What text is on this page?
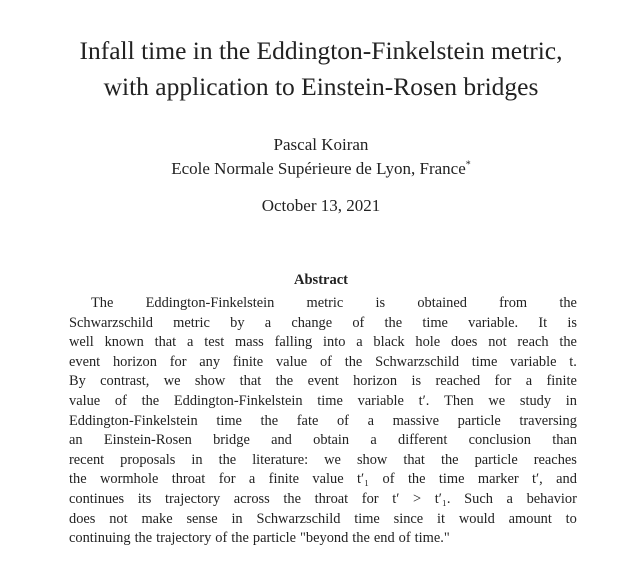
Infall time in the Eddington-Finkelstein metric,
with application to Einstein-Rosen bridges
Pascal Koiran
Ecole Normale Supérieure de Lyon, France*
October 13, 2021
Abstract
The Eddington-Finkelstein metric is obtained from the
Schwarzschild metric by a change of the time variable. It is
well known that a test mass falling into a black hole does not reach the
event horizon for any finite value of the Schwarzschild time variable t.
By contrast, we show that the event horizon is reached for a finite
value of the Eddington-Finkelstein time variable t′. Then we study in
Eddington-Finkelstein time the fate of a massive particle traversing
an Einstein-Rosen bridge and obtain a different conclusion than
recent proposals in the literature: we show that the particle reaches
the wormhole throat for a finite value t′₁ of the time marker t′, and
continues its trajectory across the throat for t′ > t′₁. Such a behavior
does not make sense in Schwarzschild time since it would amount to
continuing the trajectory of the particle "beyond the end of time."
